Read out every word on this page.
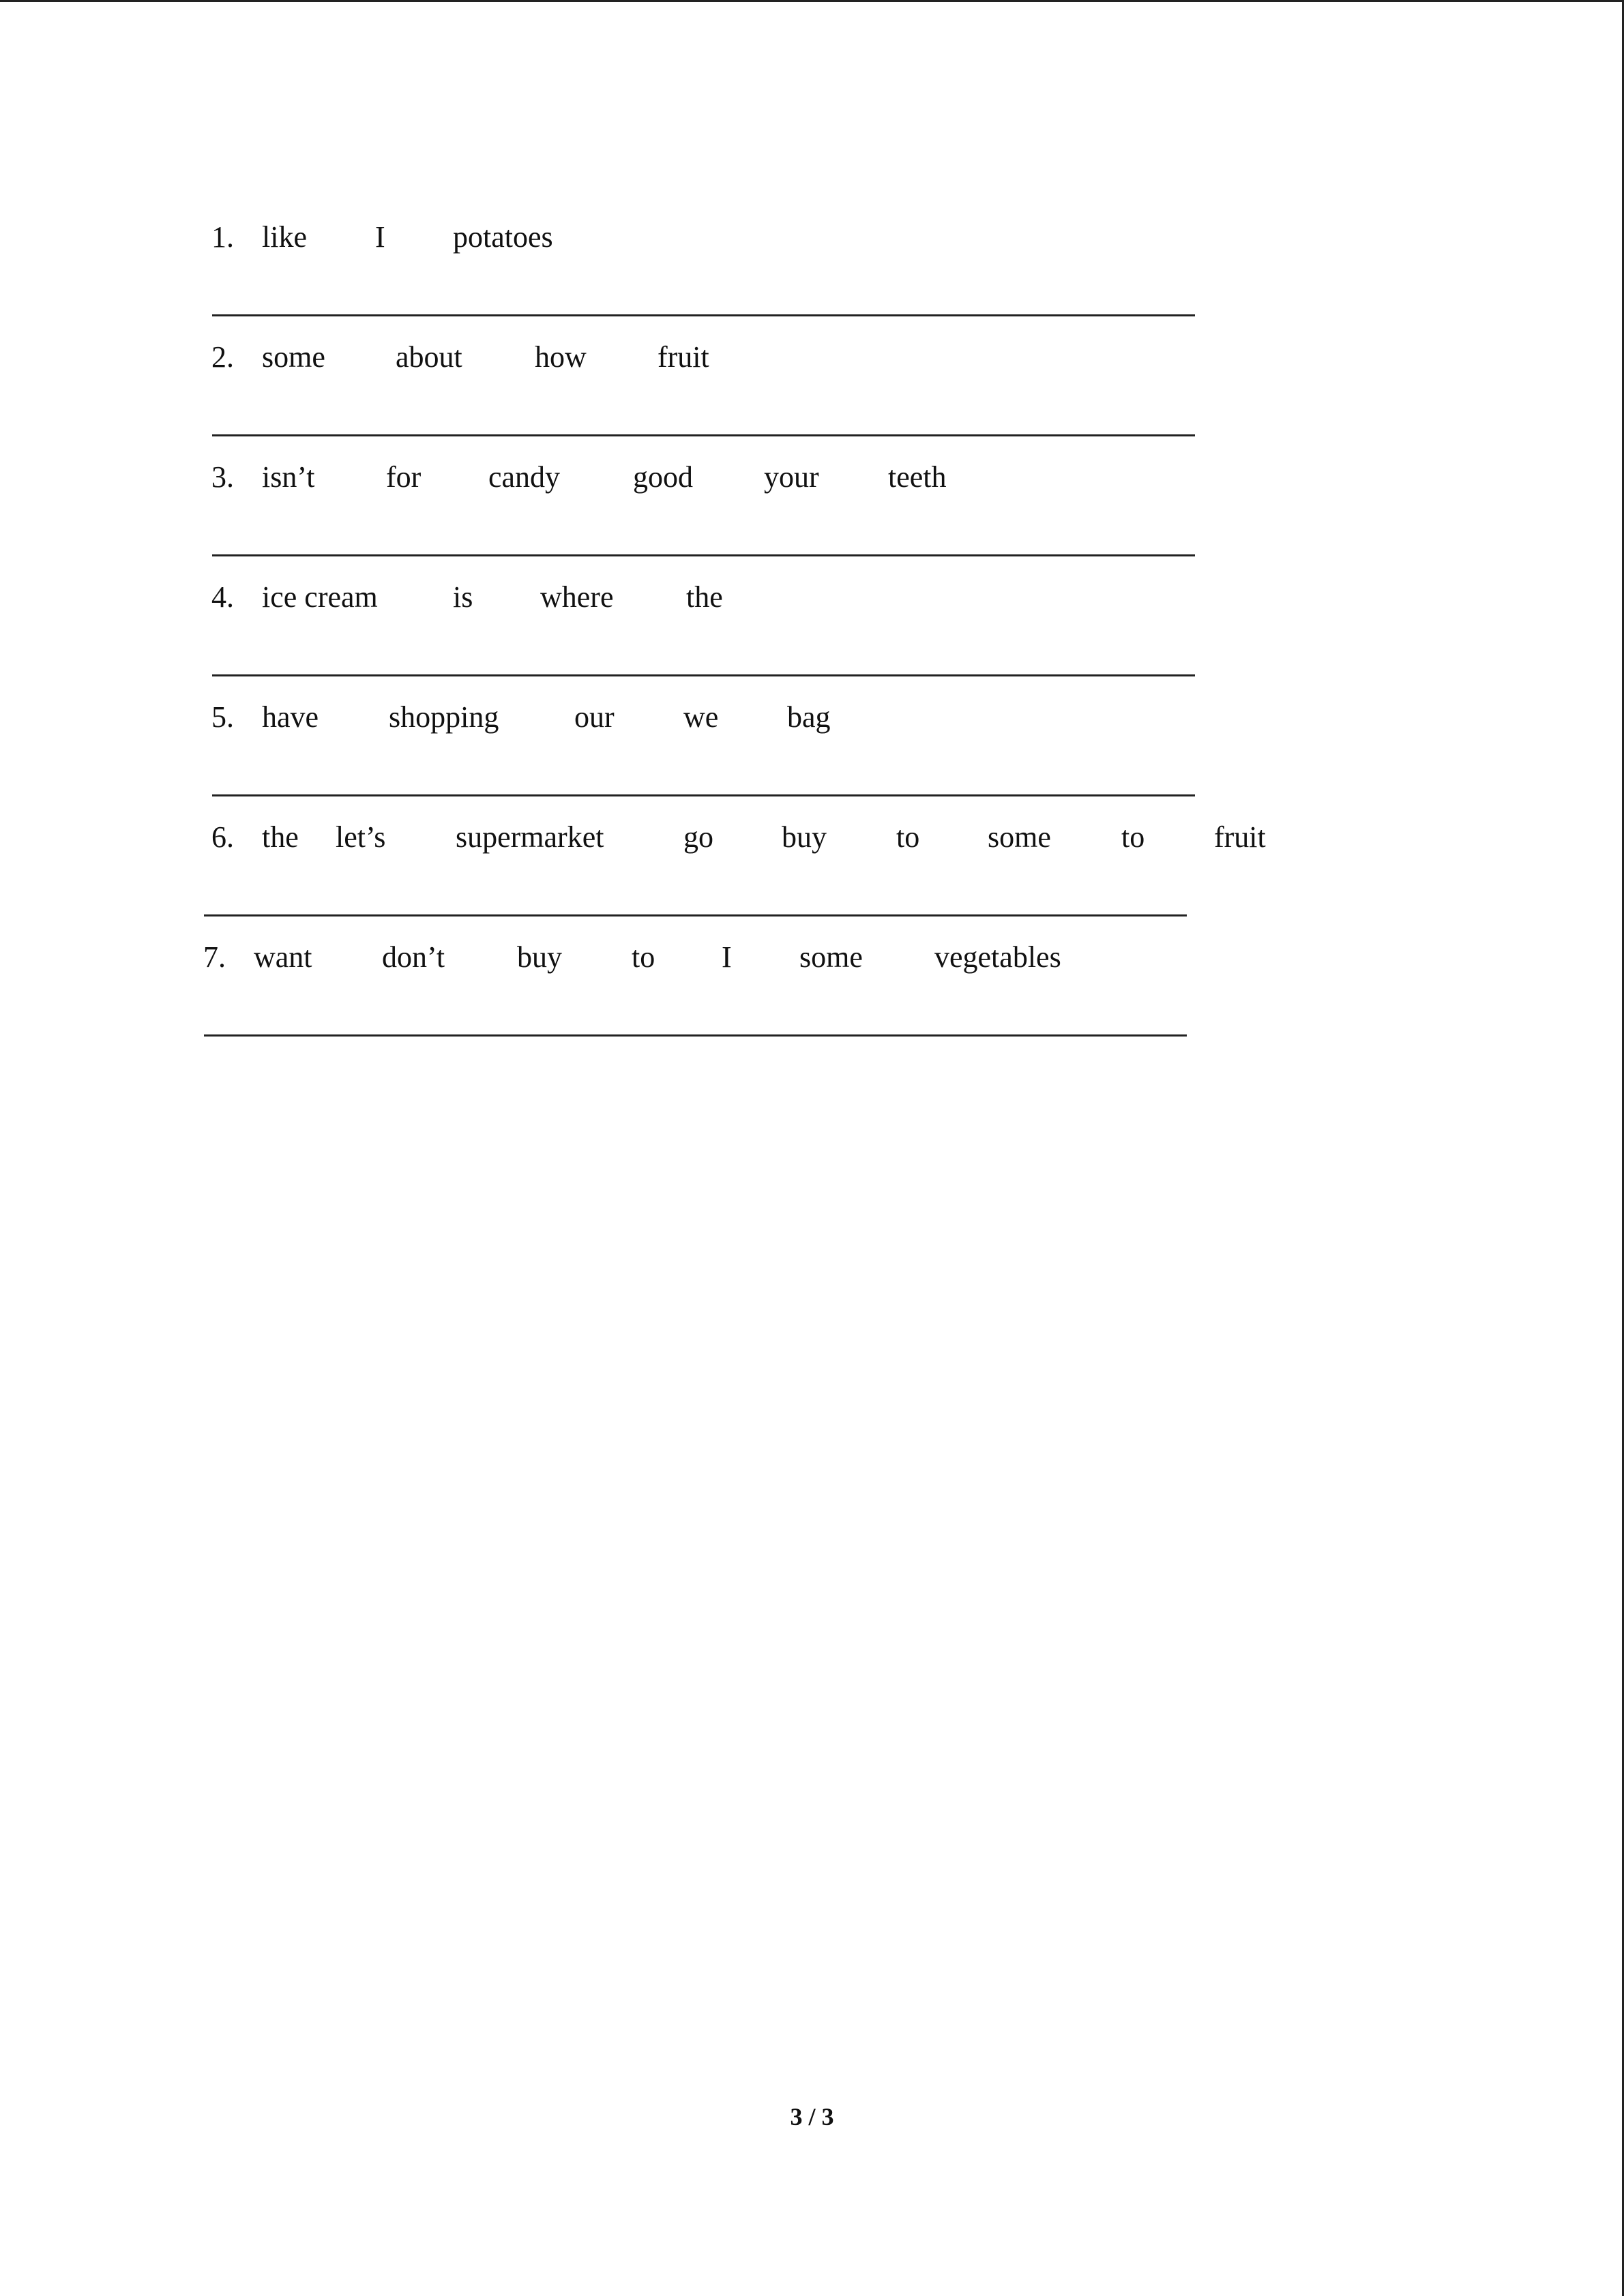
1. like I potatoes
2. some about how fruit
3. isn’t for candy good your teeth
4. ice cream	is where the
5. have shopping	our we bag
6. the let’s supermarket	go buy to some to fruit
7. want don’t buy to I some vegetables
3 / 3
